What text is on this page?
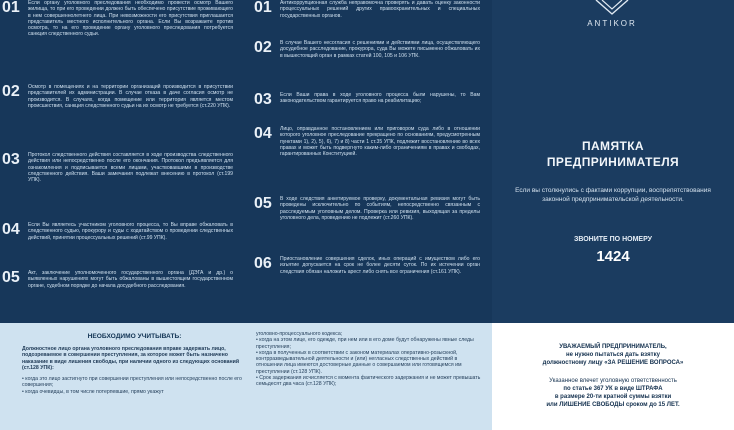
01	Если органу уголовного преследования необходимо провести осмотр Вашего жилища, то при его проведении должно быть обеспечено присутствие проживающего в нем совершеннолетнего лица. При невозможности его присутствия приглашается представитель местного исполнительного органа. Если Вы возражаете против осмотра, то на его проведение органу уголовного преследования потребуется санкция следственного судьи.
02	Осмотр в помещениях и на территории организаций производится в присутствии представителей их администрации. В случае отказа в даче согласия осмотр не производится. В случаях, когда помещение или территория является местом происшествия, санкция следственного судьи на их осмотр не требуется (ст.220 УПК).
03	Протокол следственного действия составляется в ходе производства следственного действия или непосредственно после его окончания. Протокол предъявляется для ознакомления и подписывается всеми лицами, участвовавшими в производстве следственного действия. Ваши замечания подлежат внесению в протокол (ст.199 УПК).
04	Если Вы являетесь участником уголовного процесса, то Вы вправе обжаловать в следственного судью, прокурору и суды с ходатайством о проведении следственных действий, принятии процессуальных решений (ст.99 УПК).
05	Акт, заключение уполномоченного государственного органа (ДЭГА и др.) о выявленных нарушениях могут быть обжалованы в вышестоящем государственном органе, судебном порядке до начала досудебного расследования.
01	Антикоррупционная служба неправомочна проверять и давать оценку законности процессуальных решений других правоохранительных и специальных государственных органов.
02	В случае Вашего несогласия с решениями и действиями лица, осуществляющего досудебное расследование, прокурора, суда Вы можете письменно обжаловать их в вышестоящий орган в рамках статей 100, 105 и 106 УПК.
03	Если Ваши права в ходе уголовного процесса были нарушены, то Вам законодательством гарантируется право на реабилитацию;
04	Лицо, оправданное постановлением или приговором суда либо в отношении которого уголовное преследование прекращено по основаниям, предусмотренным пунктами 1), 2), 5), 6), 7) и 8) части 1 ст.35 УПК, подлежит восстановлению во всех правах и может быть подвергнуто каким-либо ограничениям в правах и свободах, гарантированных Конституцией.
05	В ходе следствия анкетируемое проверку, документальная ревизия могут быть проведены исключительно по событиям, непосредственно связанным с расследуемым уголовным делом. Проверка или ревизия, выходящая за пределы уголовного дела, проведению не подлежит (ст.260 УПК).
06	Приостановление совершения сделок, иных операций с имуществом либо его изъятие допускается на срок не более десяти суток. По их истечении орган следствия обязан наложить арест либо снять все ограничения (ст.161 УПК).
ANTIKOR
ПАМЯТКА
ПРЕДПРИНИМАТЕЛЯ
Если вы столкнулись с фактами коррупции, воспрепятствования законной предпринимательской деятельности.
ЗВОНИТЕ ПО НОМЕРУ
1424
НЕОБХОДИМО УЧИТЫВАТЬ:
Должностное лицо органа уголовного преследования вправе задержать лицо, подозреваемое в совершении преступления, за которое может быть назначено наказание в виде лишения свободы, при наличии одного из следующих оснований (ст.128 УПК):
• когда это лицо застигнуто при совершении преступления или непосредственно после его совершения;
• когда очевидцы, в том числе потерпевшие, прямо укажут
уголовно-процессуального кодекса;
• когда на этом лице, его одежде, при нем или в его доме будут обнаружены явные следы преступления;
• когда в полученных в соответствии с законом материалах оперативно-розыскной, контрразведывательной деятельности и (или) негласных следственных действий в отношении лица имеются достоверные данные о совершаемом или готовящемся им преступлении (ст.128 УПК).
• Срок задержания исчисляется с момента фактического задержания и не может превышать семьдесят два часа (ст.128 УПК);
УВАЖАЕМЫЙ ПРЕДПРИНИМАТЕЛЬ,
не нужно пытаться дать взятку
должностному лицу «ЗА РЕШЕНИЕ ВОПРОСА»
Указанное влечет уголовную ответственность
по статье 367 УК в виде ШТРАФА
в размере 20-ти кратной суммы взятки
или ЛИШЕНИЕ СВОБОДЫ сроком до 15 ЛЕТ.
